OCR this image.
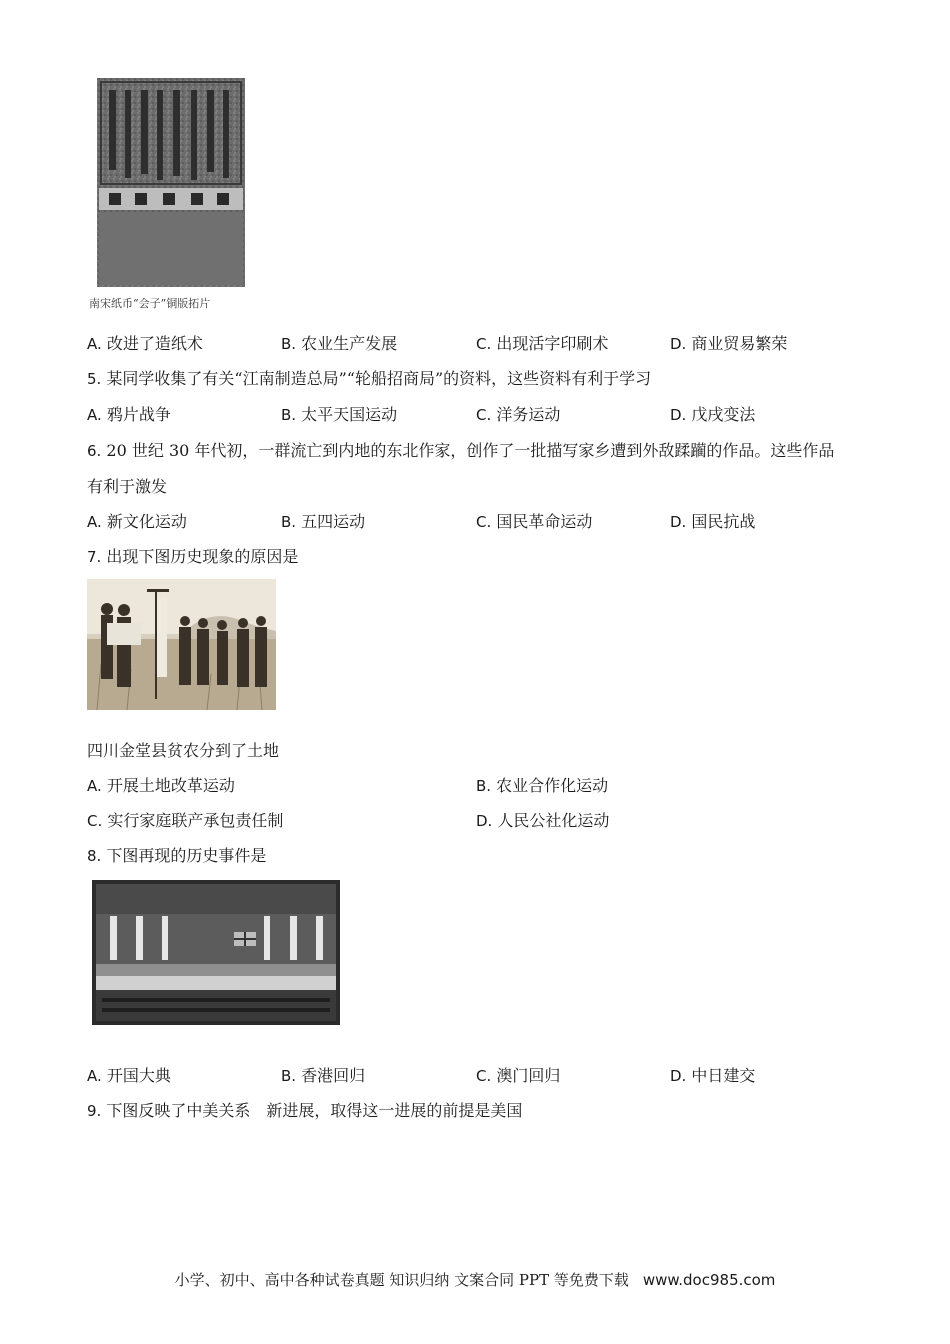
南宋纸币“会子”铜版拓片
A. 改进了造纸术	B. 农业生产发展	C. 出现活字印刷术	D. 商业贸易繁荣
5. 某同学收集了有关“江南制造总局”“轮船招商局”的资料，这些资料有利于学习
A. 鸦片战争	B. 太平天国运动	C. 洋务运动	D. 戊戌变法
6. 20 世纪 30 年代初，一群流亡到内地的东北作家，创作了一批描写家乡遭到外敌蹂躏的作品。这些作品
有利于激发
A. 新文化运动	B. 五四运动	C. 国民革命运动	D. 国民抗战
7. 出现下图历史现象的原因是
四川金堂县贫农分到了土地
A. 开展土地改革运动	B. 农业合作化运动
C. 实行家庭联产承包责任制	D. 人民公社化运动
8. 下图再现的历史事件是
A. 开国大典	B. 香港回归	C. 澳门回归	D. 中日建交
9. 下图反映了中美关系　新进展，取得这一进展的前提是美国
小学、初中、高中各种试卷真题 知识归纳 文案合同 PPT 等免费下载 www.doc985.com
